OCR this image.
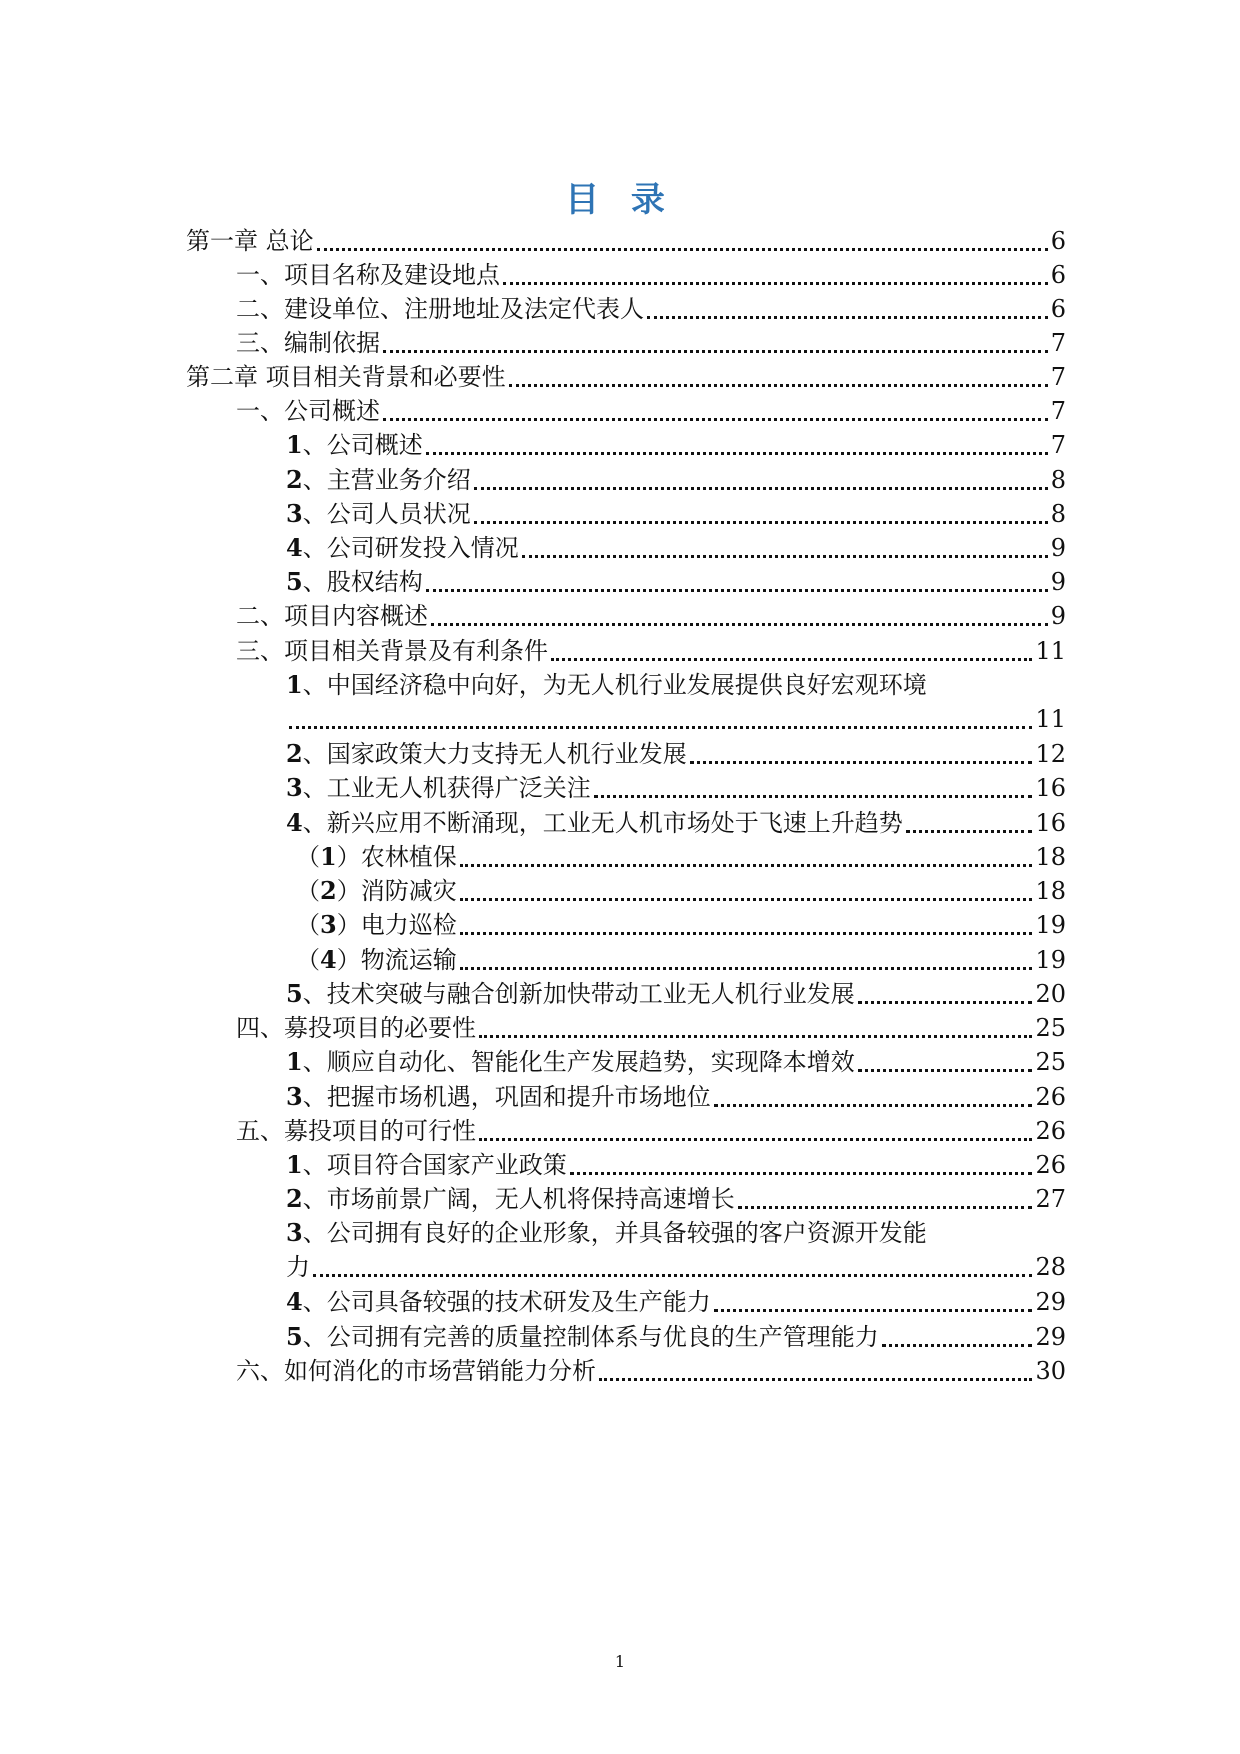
目 录
第一章 总论	6
一、项目名称及建设地点	6
二、建设单位、注册地址及法定代表人	6
三、编制依据	7
第二章 项目相关背景和必要性	7
一、公司概述	7
1、公司概述	7
2、主营业务介绍	8
3、公司人员状况	8
4、公司研发投入情况	9
5、股权结构	9
二、项目内容概述	9
三、项目相关背景及有利条件	11
1、中国经济稳中向好，为无人机行业发展提供良好宏观环境
11
2、国家政策大力支持无人机行业发展	12
3、工业无人机获得广泛关注	16
4、新兴应用不断涌现，工业无人机市场处于飞速上升趋势	16
（1）农林植保	18
（2）消防减灾	18
（3）电力巡检	19
（4）物流运输	19
5、技术突破与融合创新加快带动工业无人机行业发展	20
四、募投项目的必要性	25
1、顺应自动化、智能化生产发展趋势，实现降本增效	25
3、把握市场机遇，巩固和提升市场地位	26
五、募投项目的可行性	26
1、项目符合国家产业政策	26
2、市场前景广阔，无人机将保持高速增长	27
3、公司拥有良好的企业形象，并具备较强的客户资源开发能
力	28
4、公司具备较强的技术研发及生产能力	29
5、公司拥有完善的质量控制体系与优良的生产管理能力	29
六、如何消化的市场营销能力分析	30
1
